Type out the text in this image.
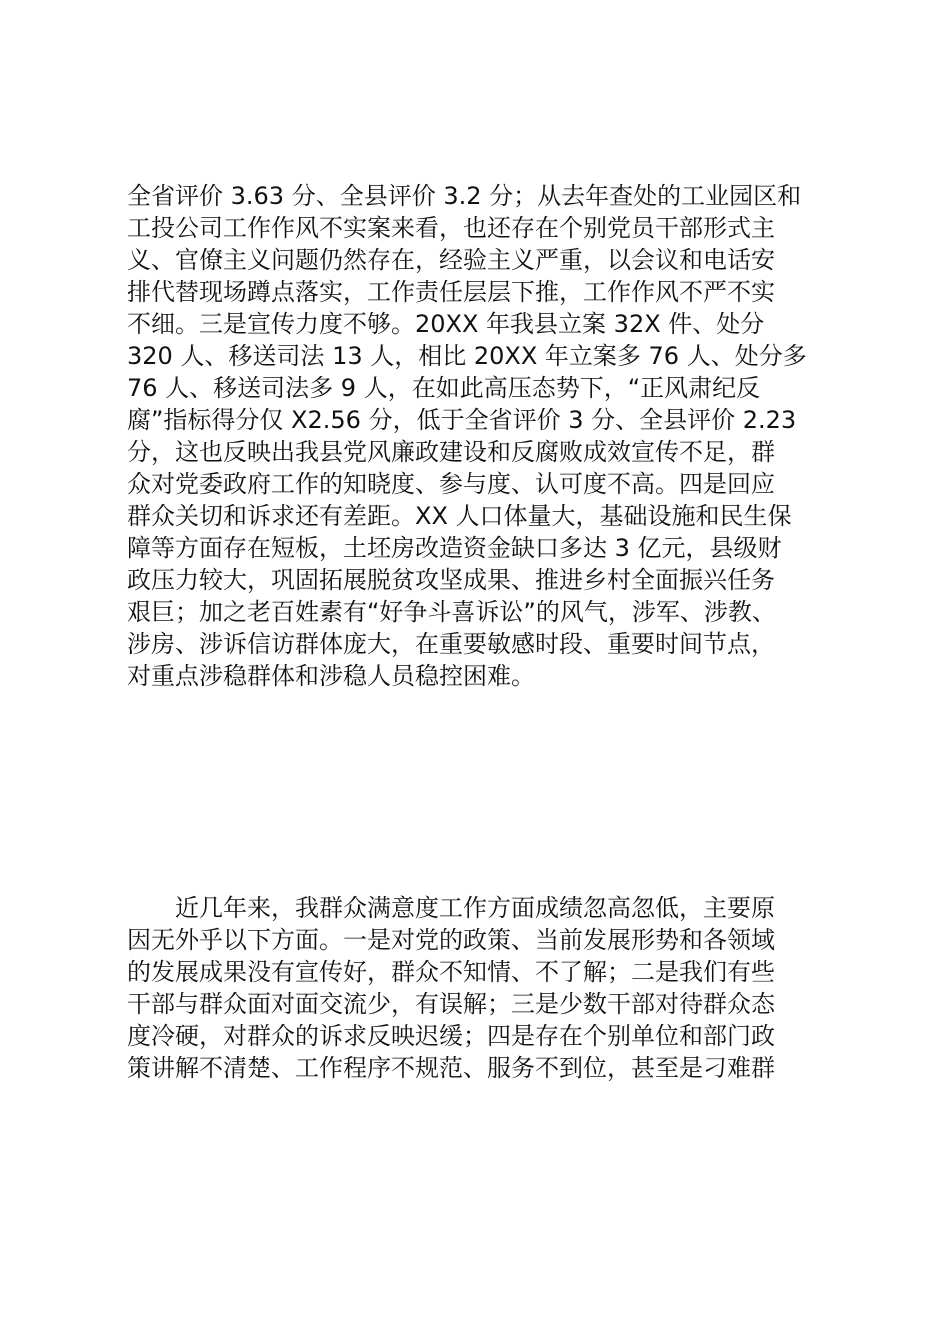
全省评价 3.63 分、全县评价 3.2 分；从去年查处的工业园区和
工投公司工作作风不实案来看，也还存在个别党员干部形式主
义、官僚主义问题仍然存在，经验主义严重，以会议和电话安
排代替现场蹲点落实，工作责任层层下推，工作作风不严不实
不细。三是宣传力度不够。20XX 年我县立案 32X 件、处分
320 人、移送司法 13 人，相比 20XX 年立案多 76 人、处分多
76 人、移送司法多 9 人，在如此高压态势下，“正风肃纪反
腐”指标得分仅 X2.56 分，低于全省评价 3 分、全县评价 2.23
分，这也反映出我县党风廉政建设和反腐败成效宣传不足，群
众对党委政府工作的知晓度、参与度、认可度不高。四是回应
群众关切和诉求还有差距。XX 人口体量大，基础设施和民生保
障等方面存在短板，土坯房改造资金缺口多达 3 亿元，县级财
政压力较大，巩固拓展脱贫攻坚成果、推进乡村全面振兴任务
艰巨；加之老百姓素有“好争斗喜诉讼”的风气，涉军、涉教、
涉房、涉诉信访群体庞大，在重要敏感时段、重要时间节点，
对重点涉稳群体和涉稳人员稳控困难。
　　近几年来，我群众满意度工作方面成绩忽高忽低，主要原
因无外乎以下方面。一是对党的政策、当前发展形势和各领域
的发展成果没有宣传好，群众不知情、不了解；二是我们有些
干部与群众面对面交流少，有误解；三是少数干部对待群众态
度冷硬，对群众的诉求反映迟缓；四是存在个别单位和部门政
策讲解不清楚、工作程序不规范、服务不到位，甚至是刁难群
